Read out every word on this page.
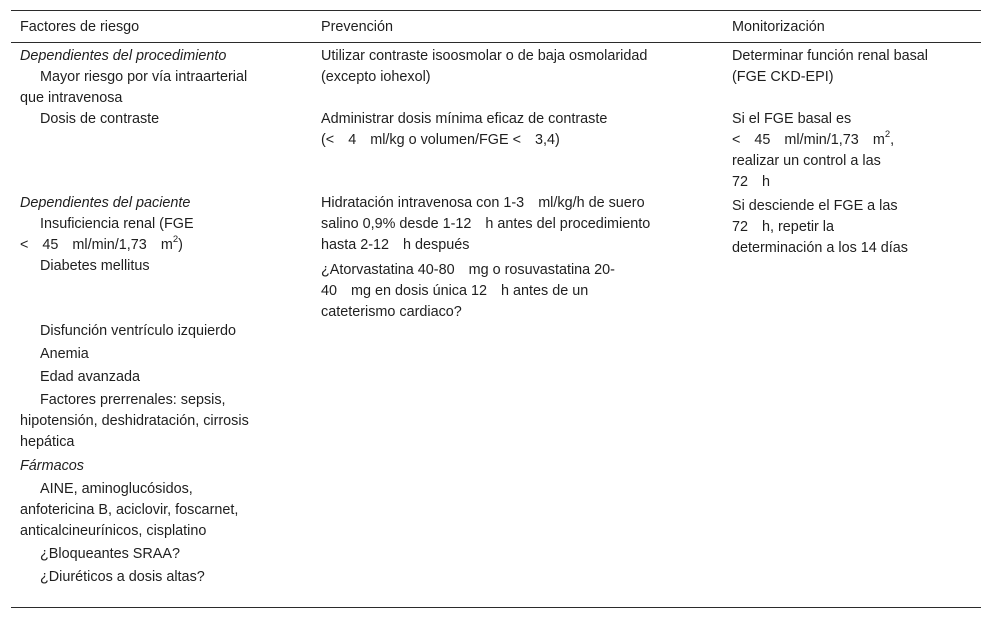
Factores de riesgo	Prevención	Monitorización
Dependientes del procedimiento
Mayor riesgo por vía intraarterial
que intravenosa
Dosis de contraste
Dependientes del paciente
Insuficiencia renal (FGE
< 45 ml/min/1,73 $m^2$)
Diabetes mellitus
Disfunción ventrículo izquierdo
Anemia
Edad avanzada
Factores prerrenales: sepsis,
hipotensión, deshidratación, cirrosis
hepática
Fármacos
AINE, aminoglucósidos,
anfotericina B, aciclovir, foscarnet,
anticalcineurínicos, cisplatino
¿Bloqueantes SRAA?
¿Diuréticos a dosis altas?
Utilizar contraste isoosmolar o de baja osmolaridad
(excepto iohexol)
Administrar dosis mínima eficaz de contraste
(< 4 ml/kg o volumen/FGE < 3,4)
Hidratación intravenosa con 1-3 ml/kg/h de suero
salino 0,9% desde 1-12 h antes del procedimiento
hasta 2-12 h después
¿Atorvastatina 40-80 mg o rosuvastatina 20-
40 mg en dosis única 12 h antes de un
cateterismo cardiaco?
Determinar función renal basal
(FGE CKD-EPI)
Si el FGE basal es
< 45 ml/min/1,73 $m^2$,
realizar un control a las
72 h
Si desciende el FGE a las
72 h, repetir la
determinación a los 14 días
